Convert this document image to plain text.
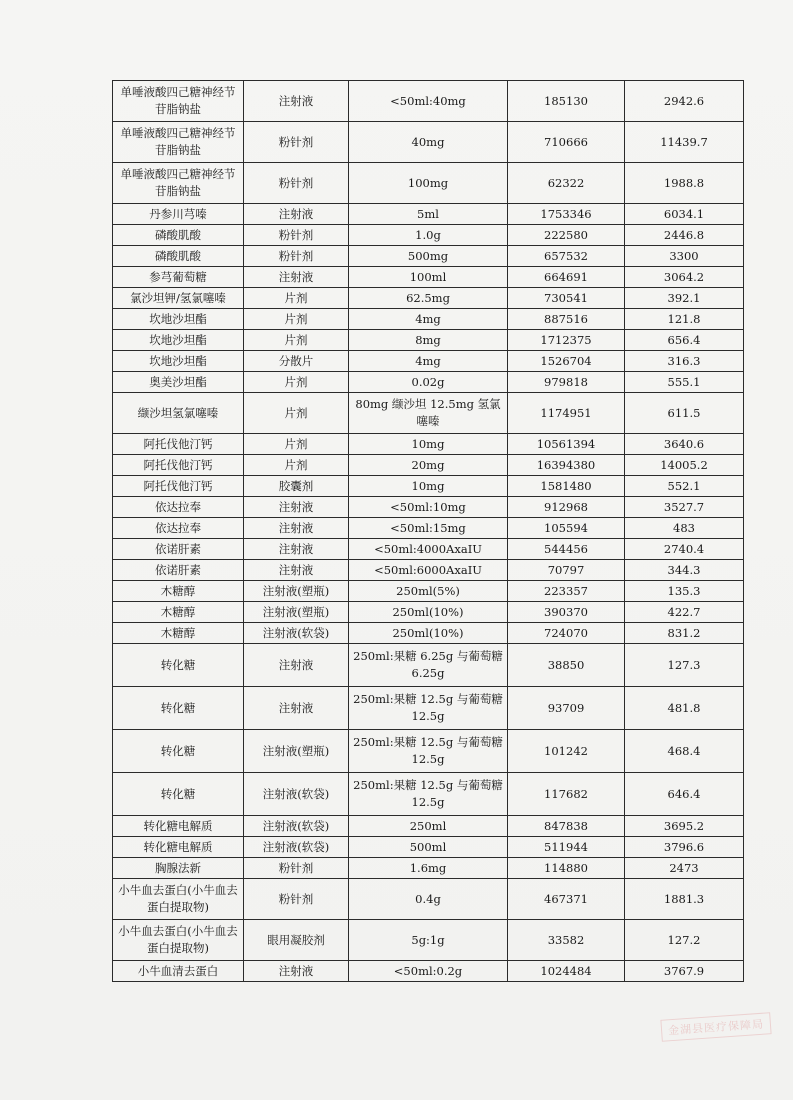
单唾液酸四己糖神经节苷脂钠盐	注射液	<50ml:40mg	185130	2942.6
单唾液酸四己糖神经节苷脂钠盐	粉针剂	40mg	710666	11439.7
单唾液酸四己糖神经节苷脂钠盐	粉针剂	100mg	62322	1988.8
丹参川芎嗪	注射液	5ml	1753346	6034.1
磷酸肌酸	粉针剂	1.0g	222580	2446.8
磷酸肌酸	粉针剂	500mg	657532	3300
参芎葡萄糖	注射液	100ml	664691	3064.2
氯沙坦钾/氢氯噻嗪	片剂	62.5mg	730541	392.1
坎地沙坦酯	片剂	4mg	887516	121.8
坎地沙坦酯	片剂	8mg	1712375	656.4
坎地沙坦酯	分散片	4mg	1526704	316.3
奥美沙坦酯	片剂	0.02g	979818	555.1
缬沙坦氢氯噻嗪	片剂	80mg 缬沙坦 12.5mg 氢氯噻嗪	1174951	611.5
阿托伐他汀钙	片剂	10mg	10561394	3640.6
阿托伐他汀钙	片剂	20mg	16394380	14005.2
阿托伐他汀钙	胶囊剂	10mg	1581480	552.1
依达拉奉	注射液	<50ml:10mg	912968	3527.7
依达拉奉	注射液	<50ml:15mg	105594	483
依诺肝素	注射液	<50ml:4000AxaIU	544456	2740.4
依诺肝素	注射液	<50ml:6000AxaIU	70797	344.3
木糖醇	注射液(塑瓶)	250ml(5%)	223357	135.3
木糖醇	注射液(塑瓶)	250ml(10%)	390370	422.7
木糖醇	注射液(软袋)	250ml(10%)	724070	831.2
转化糖	注射液	250ml:果糖 6.25g 与葡萄糖 6.25g	38850	127.3
转化糖	注射液	250ml:果糖 12.5g 与葡萄糖 12.5g	93709	481.8
转化糖	注射液(塑瓶)	250ml:果糖 12.5g 与葡萄糖 12.5g	101242	468.4
转化糖	注射液(软袋)	250ml:果糖 12.5g 与葡萄糖 12.5g	117682	646.4
转化糖电解质	注射液(软袋)	250ml	847838	3695.2
转化糖电解质	注射液(软袋)	500ml	511944	3796.6
胸腺法新	粉针剂	1.6mg	114880	2473
小牛血去蛋白(小牛血去蛋白提取物)	粉针剂	0.4g	467371	1881.3
小牛血去蛋白(小牛血去蛋白提取物)	眼用凝胶剂	5g:1g	33582	127.2
小牛血清去蛋白	注射液	<50ml:0.2g	1024484	3767.9
金湖县医疗保障局
